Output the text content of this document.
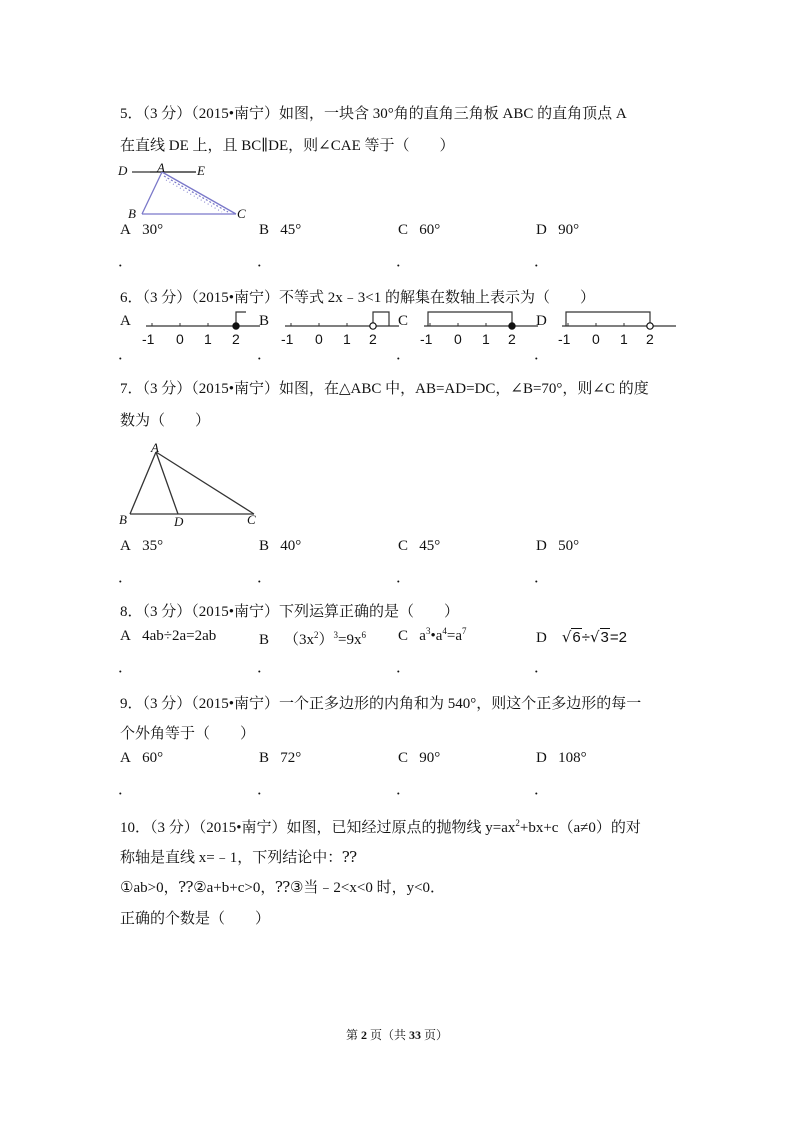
5．（3 分）（2015•南宁）如图，一块含 30°角的直角三角板 ABC 的直角顶点 A
在直线 DE 上，且 BC∥DE，则∠CAE 等于（　　）
D A E
B	C
A 30°	B 45°	C 60°	D 90°
．	．	．	．
6．（3 分）（2015•南宁）不等式 2x﹣3<1 的解集在数轴上表示为（　　）
A	B	C	D
-1 0 1 2	-1 0 1 2	-1 0 1 2	-1 0 1 2
．	．	．	．
7．（3 分）（2015•南宁）如图，在△ABC 中，AB=AD=DC，∠B=70°，则∠C 的度
数为（　　）
A
B	D	C
A 35°	B 40°	C 45°	D 50°
．	．	．	．
8．（3 分）（2015•南宁）下列运算正确的是（　　）
A 4ab÷2a=2ab	B $(3x^2)^3=9x^6$ C $a^3•a^4=a^7$	D √6÷√3=2
．	．	．	．
9．（3 分）（2015•南宁）一个正多边形的内角和为 540°，则这个正多边形的每一
个外角等于（　　）
A 60°	B 72°	C 90°	D 108°
．	．	．	．
10．（3 分）（2015•南宁）如图，已知经过原点的抛物线 $y=ax^2+bx+c(a\ne 0)$的对
称轴是直线 x=﹣1，下列结论中：⁇
①ab>0，⁇②a+b+c>0，⁇③当﹣2<x<0 时，y<0．
正确的个数是（　　）
第 2 页（共 33 页）
